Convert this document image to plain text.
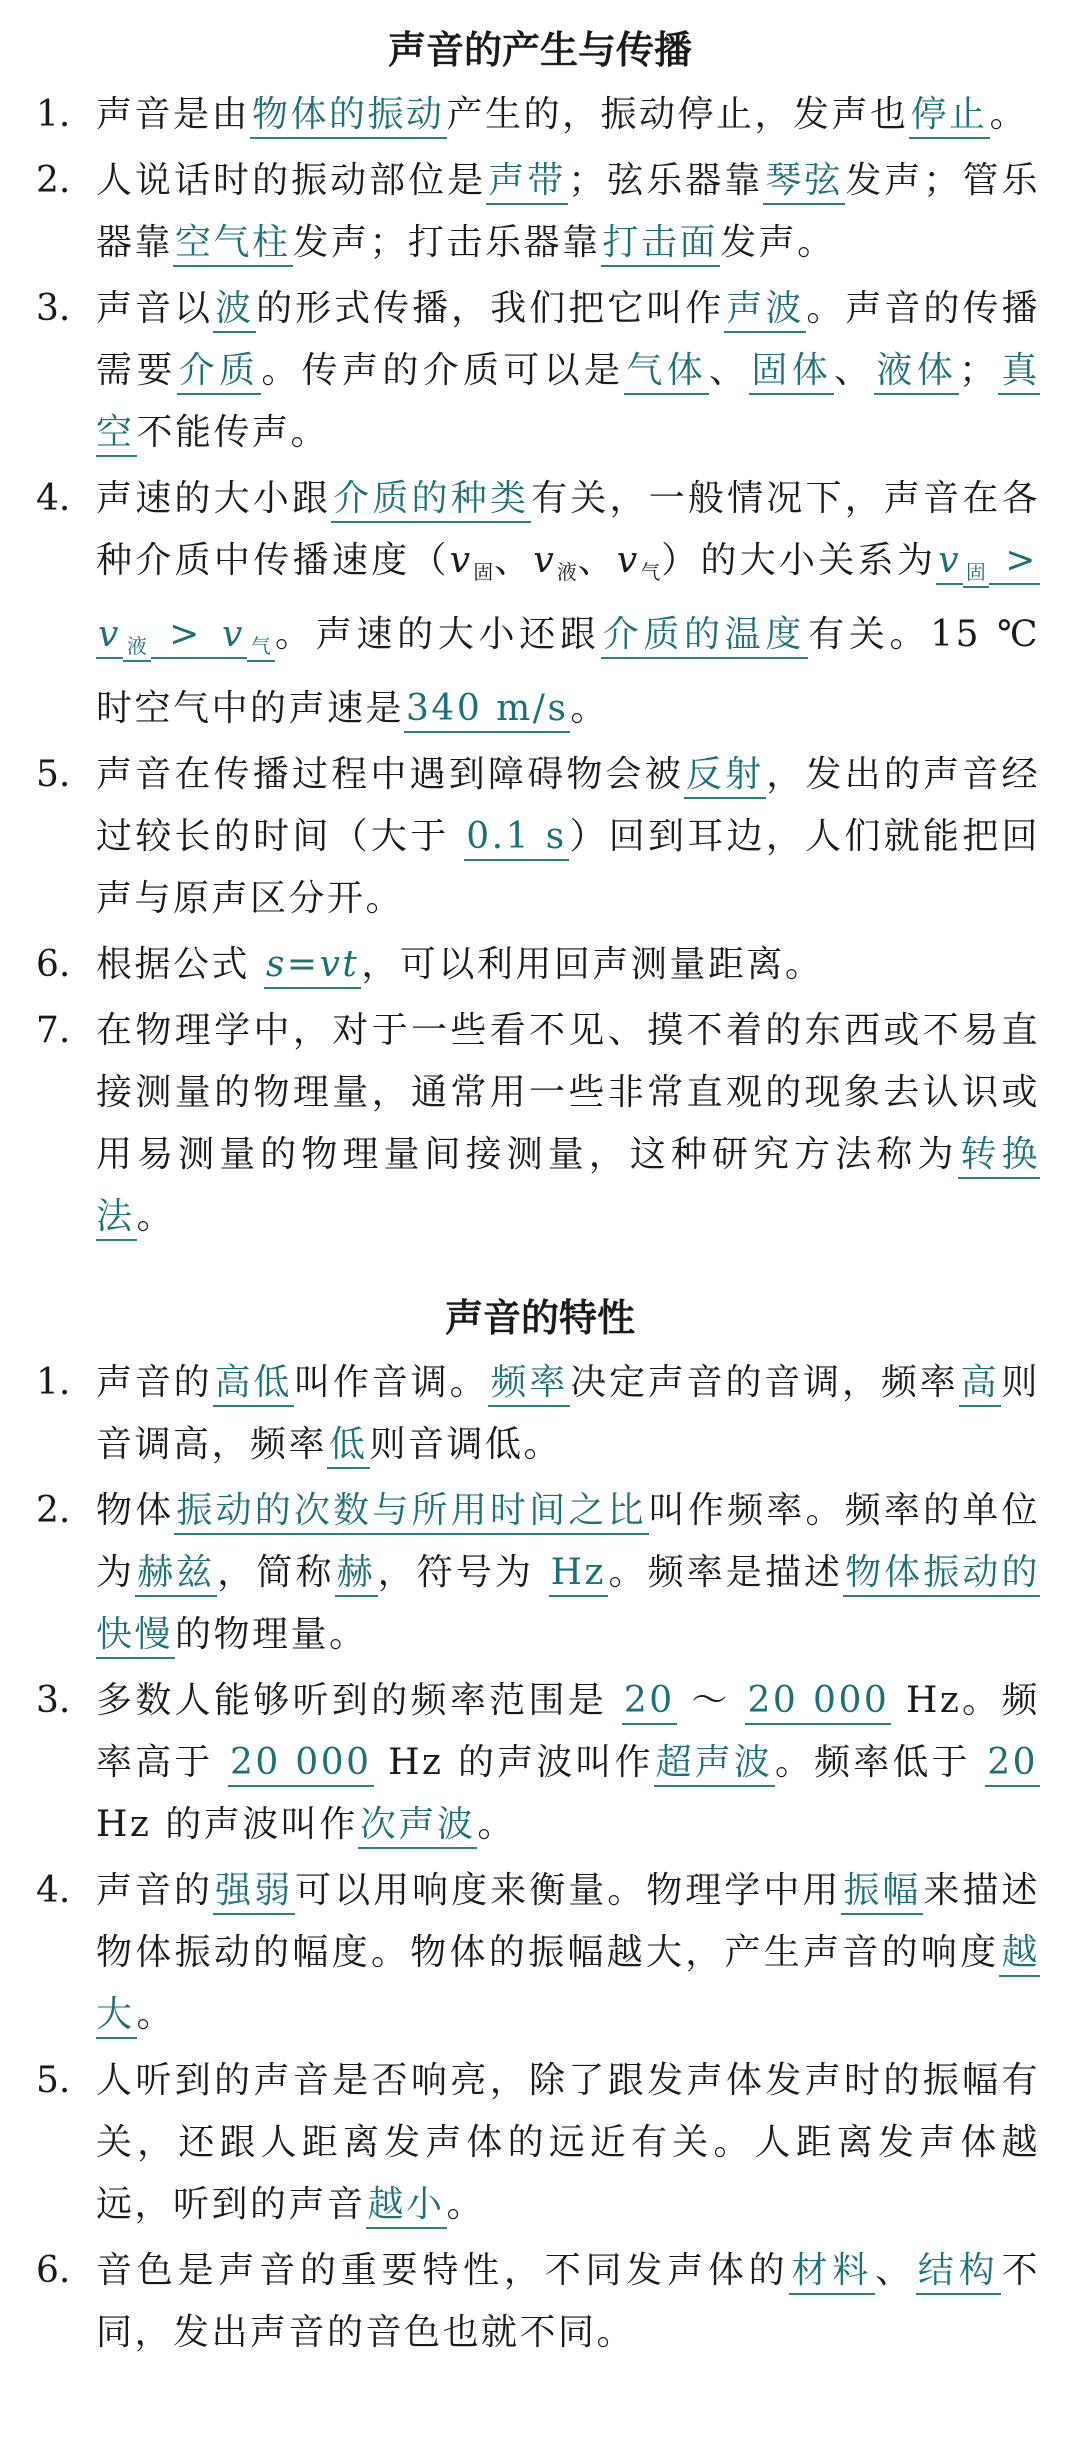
声音的产生与传播
1. 声音是由物体的振动产生的，振动停止，发声也停止。
2. 人说话时的振动部位是声带；弦乐器靠琴弦发声；管乐器靠空气柱发声；打击乐器靠打击面发声。
3. 声音以波的形式传播，我们把它叫作声波。声音的传播需要介质。传声的介质可以是气体、固体、液体；真空不能传声。
4. 声速的大小跟介质的种类有关，一般情况下，声音在各种介质中传播速度（v固、v液、v气）的大小关系为v 固 > v 液 > v 气。声速的大小还跟介质的温度有关。15 ℃ 时空气中的声速是340 m/s。
5. 声音在传播过程中遇到障碍物会被反射，发出的声音经过较长的时间（大于 0.1 s）回到耳边，人们就能把回声与原声区分开。
6. 根据公式 s=vt，可以利用回声测量距离。
7. 在物理学中，对于一些看不见、摸不着的东西或不易直接测量的物理量，通常用一些非常直观的现象去认识或用易测量的物理量间接测量，这种研究方法称为转换法。
声音的特性
1. 声音的高低叫作音调。频率决定声音的音调，频率高则音调高，频率低则音调低。
2. 物体振动的次数与所用时间之比叫作频率。频率的单位为赫兹，简称赫，符号为 Hz。频率是描述物体振动的快慢的物理量。
3. 多数人能够听到的频率范围是 20 ～ 20 000 Hz。频率高于 20 000 Hz 的声波叫作超声波。频率低于 20 Hz 的声波叫作次声波。
4. 声音的强弱可以用响度来衡量。物理学中用振幅来描述物体振动的幅度。物体的振幅越大，产生声音的响度越大。
5. 人听到的声音是否响亮，除了跟发声体发声时的振幅有关，还跟人距离发声体的远近有关。人距离发声体越远，听到的声音越小。
6. 音色是声音的重要特性，不同发声体的材料、结构不同，发出声音的音色也就不同。
